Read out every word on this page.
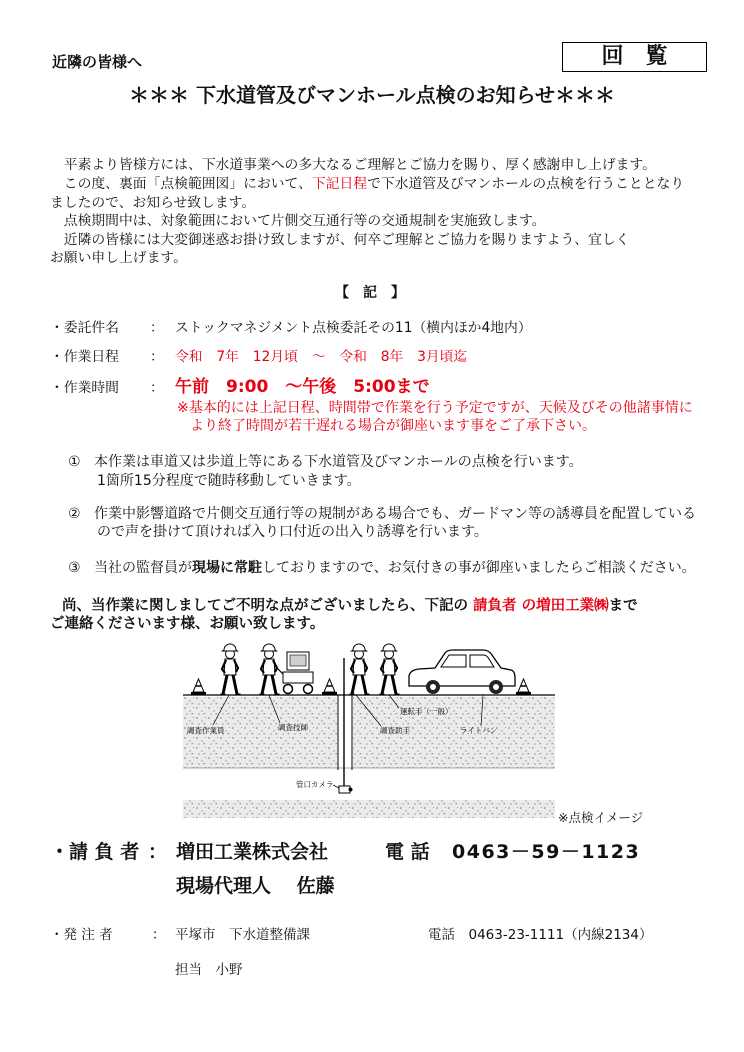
近隣の皆様へ	回　覧
＊＊＊ 下水道管及びマンホール点検のお知らせ＊＊＊
　平素より皆様方には、下水道事業への多大なるご理解とご協力を賜り、厚く感謝申し上げます。
　この度、裏面「点検範囲図」において、下記日程で下水道管及びマンホールの点検を行うこととなり
ましたので、お知らせ致します。
　点検期間中は、対象範囲において片側交互通行等の交通規制を実施致します。
　近隣の皆様には大変御迷惑お掛け致しますが、何卒ご理解とご協力を賜りますよう、宜しく
お願い申し上げます。
【　記　】
・委託件名 ： ストックマネジメント点検委託その11（横内ほか4地内）
・作業日程 ： 令和　7年　12月頃　～　令和　8年　3月頃迄
・作業時間 ： 午前　9:00　～午後　5:00まで
※基本的には上記日程、時間帯で作業を行う予定ですが、天候及びその他諸事情に
より終了時間が若干遅れる場合が御座います事をご了承下さい。
① 本作業は車道又は歩道上等にある下水道管及びマンホールの点検を行います。
1箇所15分程度で随時移動していきます。
② 作業中影響道路で片側交互通行等の規制がある場合でも、ガードマン等の誘導員を配置している
ので声を掛けて頂ければ入り口付近の出入り誘導を行います。
③ 当社の監督員が現場に常駐しておりますので、お気付きの事が御座いましたらご相談ください。
尚、当作業に関しましてご不明な点がございましたら、下記の 請負者 の増田工業㈱まで
ご連絡くださいます様、お願い致します。
調査作業員	調査技師
運転手（一般）
調査助手	ライトバン
管口カメラ
※点検イメージ
・請 負 者 ： 増田工業株式会社	電 話 0463－59－1123
現場代理人　 佐藤
・発 注 者	： 平塚市　下水道整備課	電話　0463-23-1111（内線2134）
担当　小野
